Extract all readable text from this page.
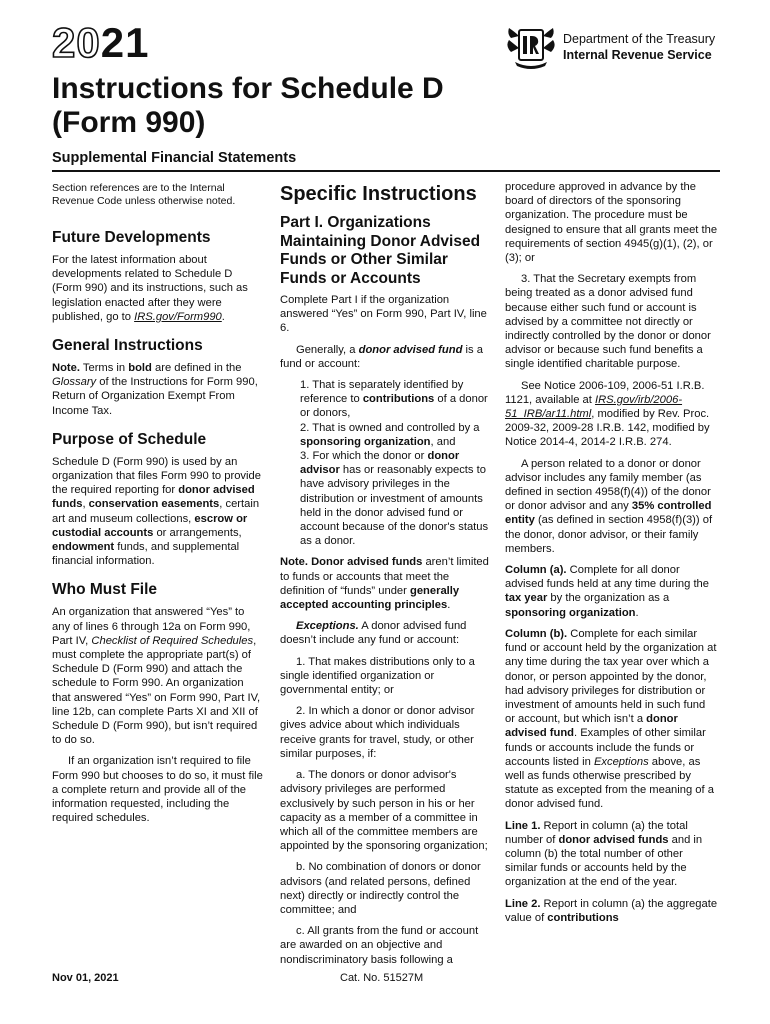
2021	Department of the Treasury
Internal Revenue Service
Instructions for Schedule D
(Form 990)
Supplemental Financial Statements

Section references are to the Internal Revenue Code unless otherwise noted.

Future Developments

For the latest information about developments related to Schedule D (Form 990) and its instructions, such as legislation enacted after they were published, go to IRS.gov/Form990.

General Instructions

Note. Terms in bold are defined in the Glossary of the Instructions for Form 990, Return of Organization Exempt From Income Tax.

Purpose of Schedule

Schedule D (Form 990) is used by an organization that files Form 990 to provide the required reporting for donor advised funds, conservation easements, certain art and museum collections, escrow or custodial accounts or arrangements, endowment funds, and supplemental financial information.

Who Must File

An organization that answered “Yes” to any of lines 6 through 12a on Form 990, Part IV, Checklist of Required Schedules, must complete the appropriate part(s) of Schedule D (Form 990) and attach the schedule to Form 990. An organization that answered “Yes” on Form 990, Part IV, line 12b, can complete Parts XI and XII of Schedule D (Form 990), but isn’t required to do so.

If an organization isn’t required to file Form 990 but chooses to do so, it must file a complete return and provide all of the information requested, including the required schedules.

Specific Instructions
Part I. Organizations Maintaining Donor Advised Funds or Other Similar Funds or Accounts

Complete Part I if the organization answered “Yes” on Form 990, Part IV, line 6.

Generally, a donor advised fund is a fund or account:

1. That is separately identified by reference to contributions of a donor or donors,
2. That is owned and controlled by a sponsoring organization, and
3. For which the donor or donor advisor has or reasonably expects to have advisory privileges in the distribution or investment of amounts held in the donor advised fund or account because of the donor's status as a donor.

Note. Donor advised funds aren’t limited to funds or accounts that meet the definition of “funds” under generally accepted accounting principles.

Exceptions. A donor advised fund doesn’t include any fund or account:

1. That makes distributions only to a single identified organization or governmental entity; or

2. In which a donor or donor advisor gives advice about which individuals receive grants for travel, study, or other similar purposes, if:

a. The donors or donor advisor's advisory privileges are performed exclusively by such person in his or her capacity as a member of a committee in which all of the committee members are appointed by the sponsoring organization;

b. No combination of donors or donor advisors (and related persons, defined next) directly or indirectly control the committee; and

c. All grants from the fund or account are awarded on an objective and nondiscriminatory basis following a

procedure approved in advance by the board of directors of the sponsoring organization. The procedure must be designed to ensure that all grants meet the requirements of section 4945(g)(1), (2), or (3); or

3. That the Secretary exempts from being treated as a donor advised fund because either such fund or account is advised by a committee not directly or indirectly controlled by the donor or donor advisor or because such fund benefits a single identified charitable purpose.

See Notice 2006-109, 2006-51 I.R.B. 1121, available at IRS.gov/irb/2006-51_IRB/ar11.html, modified by Rev. Proc. 2009-32, 2009-28 I.R.B. 142, modified by Notice 2014-4, 2014-2 I.R.B. 274.

A person related to a donor or donor advisor includes any family member (as defined in section 4958(f)(4)) of the donor or donor advisor and any 35% controlled entity (as defined in section 4958(f)(3)) of the donor, donor advisor, or their family members.

Column (a). Complete for all donor advised funds held at any time during the tax year by the organization as a sponsoring organization.

Column (b). Complete for each similar fund or account held by the organization at any time during the tax year over which a donor, or person appointed by the donor, had advisory privileges for distribution or investment of amounts held in such fund or account, but which isn’t a donor advised fund. Examples of other similar funds or accounts include the funds or accounts listed in Exceptions above, as well as funds otherwise prescribed by statute as excepted from the meaning of a donor advised fund.

Line 1. Report in column (a) the total number of donor advised funds and in column (b) the total number of other similar funds or accounts held by the organization at the end of the year.

Line 2. Report in column (a) the aggregate value of contributions

Nov 01, 2021	Cat. No. 51527M
